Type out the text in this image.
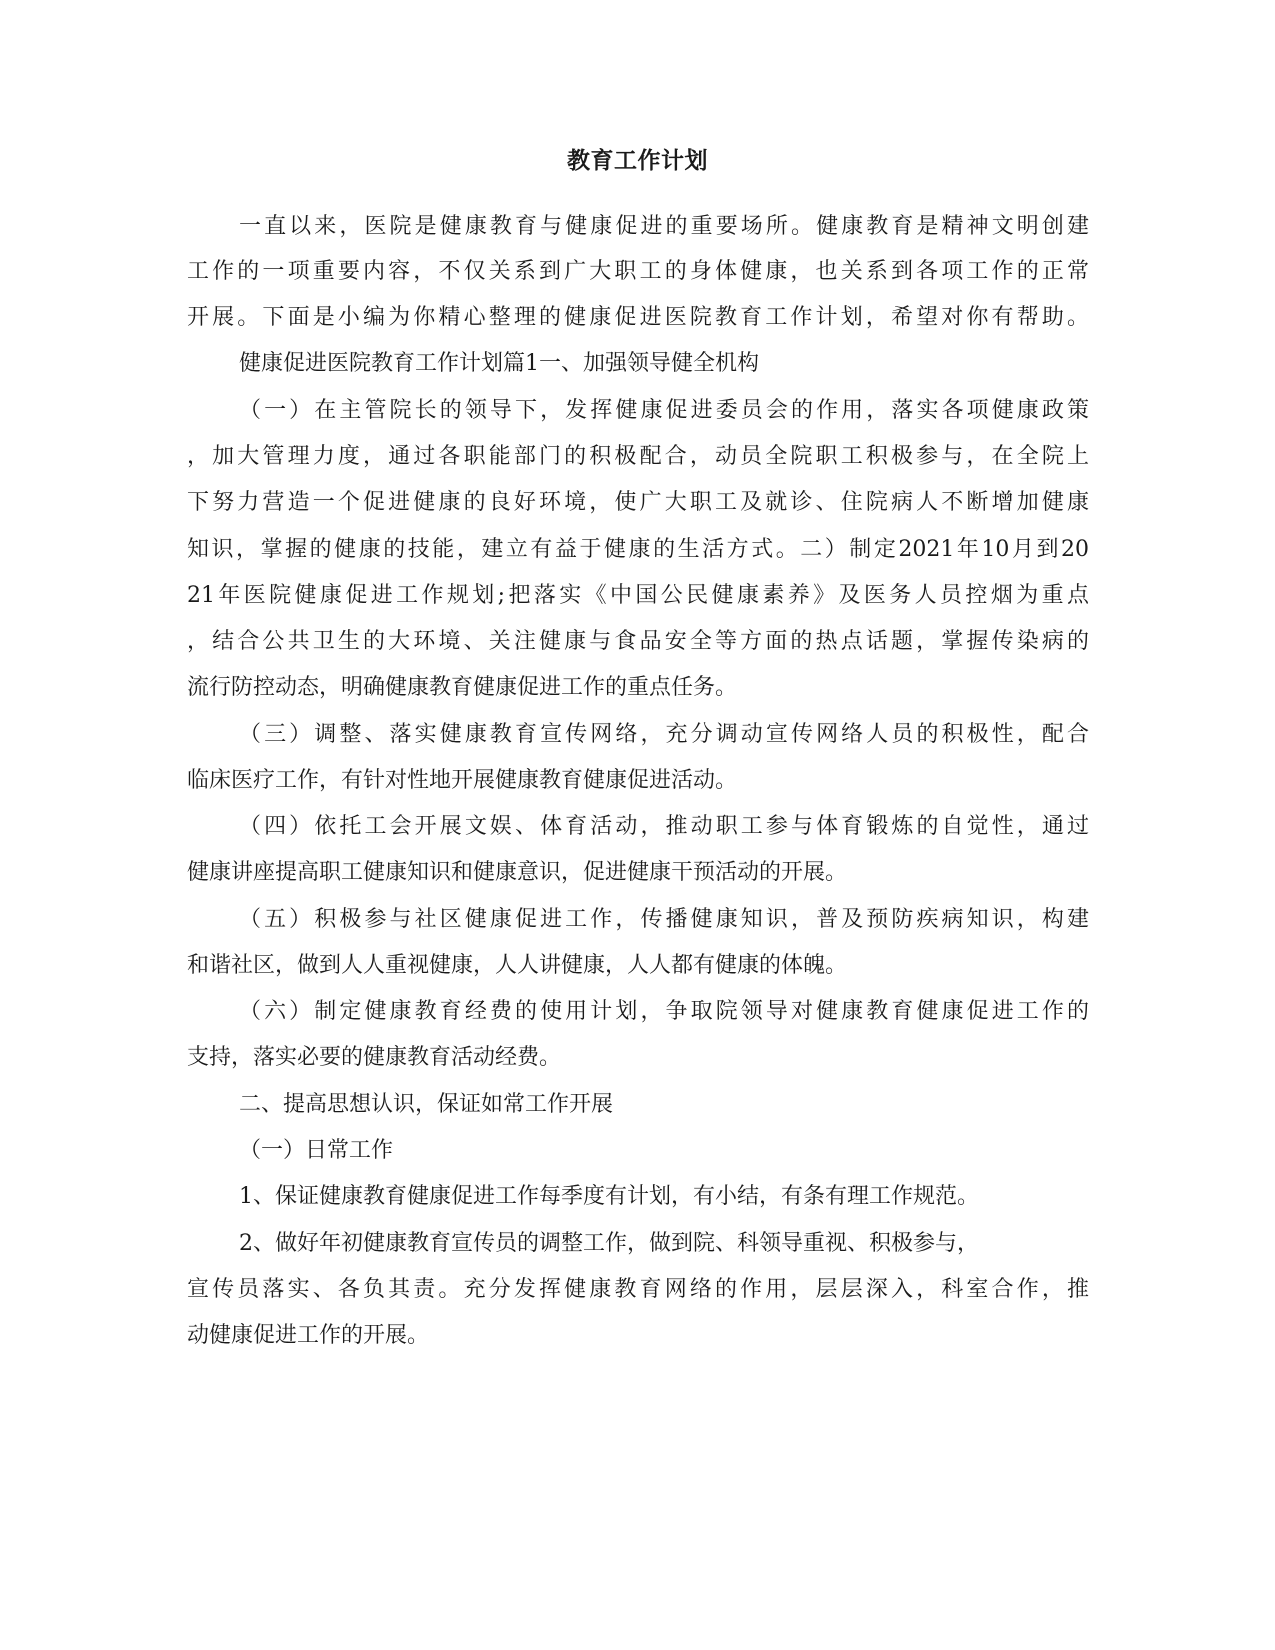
教育工作计划
一直以来，医院是健康教育与健康促进的重要场所。健康教育是精神文明创建
工作的一项重要内容，不仅关系到广大职工的身体健康，也关系到各项工作的正常
开展。下面是小编为你精心整理的健康促进医院教育工作计划，希望对你有帮助。
健康促进医院教育工作计划篇1一、加强领导健全机构
（一）在主管院长的领导下，发挥健康促进委员会的作用，落实各项健康政策
，加大管理力度，通过各职能部门的积极配合，动员全院职工积极参与，在全院上
下努力营造一个促进健康的良好环境，使广大职工及就诊、住院病人不断增加健康
知识，掌握的健康的技能，建立有益于健康的生活方式。二）制定2021年10月到20
21年医院健康促进工作规划;把落实《中国公民健康素养》及医务人员控烟为重点
，结合公共卫生的大环境、关注健康与食品安全等方面的热点话题，掌握传染病的
流行防控动态，明确健康教育健康促进工作的重点任务。
（三）调整、落实健康教育宣传网络，充分调动宣传网络人员的积极性，配合
临床医疗工作，有针对性地开展健康教育健康促进活动。
（四）依托工会开展文娱、体育活动，推动职工参与体育锻炼的自觉性，通过
健康讲座提高职工健康知识和健康意识，促进健康干预活动的开展。
（五）积极参与社区健康促进工作，传播健康知识，普及预防疾病知识，构建
和谐社区，做到人人重视健康，人人讲健康，人人都有健康的体魄。
（六）制定健康教育经费的使用计划，争取院领导对健康教育健康促进工作的
支持，落实必要的健康教育活动经费。
二、提高思想认识，保证如常工作开展
（一）日常工作
1、保证健康教育健康促进工作每季度有计划，有小结，有条有理工作规范。
2、做好年初健康教育宣传员的调整工作，做到院、科领导重视、积极参与，
宣传员落实、各负其责。充分发挥健康教育网络的作用，层层深入，科室合作，推
动健康促进工作的开展。
